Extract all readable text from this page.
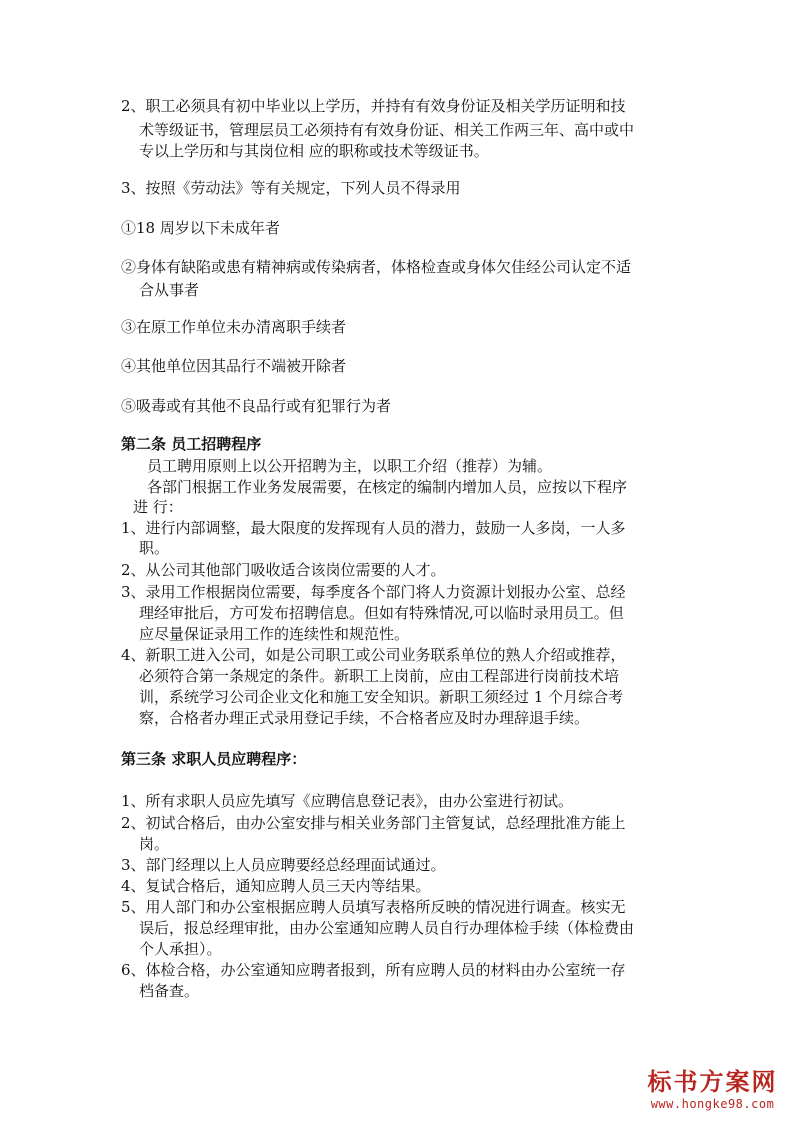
2、职工必须具有初中毕业以上学历，并持有有效身份证及相关学历证明和技
术等级证书，管理层员工必须持有有效身份证、相关工作两三年、高中或中
专以上学历和与其岗位相 应的职称或技术等级证书。
3、按照《劳动法》等有关规定，下列人员不得录用
①18 周岁以下未成年者
②身体有缺陷或患有精神病或传染病者，体格检查或身体欠佳经公司认定不适
合从事者
③在原工作单位未办清离职手续者
④其他单位因其品行不端被开除者
⑤吸毒或有其他不良品行或有犯罪行为者
第二条 员工招聘程序
员工聘用原则上以公开招聘为主，以职工介绍（推荐）为辅。
各部门根据工作业务发展需要，在核定的编制内增加人员，应按以下程序
进 行：
1、进行内部调整，最大限度的发挥现有人员的潜力，鼓励一人多岗，一人多
职。
2、从公司其他部门吸收适合该岗位需要的人才。
3、录用工作根据岗位需要，每季度各个部门将人力资源计划报办公室、总经
理经审批后，方可发布招聘信息。但如有特殊情况,可以临时录用员工。但
应尽量保证录用工作的连续性和规范性。
4、新职工进入公司，如是公司职工或公司业务联系单位的熟人介绍或推荐，
必须符合第一条规定的条件。新职工上岗前，应由工程部进行岗前技术培
训，系统学习公司企业文化和施工安全知识。新职工须经过 1 个月综合考
察，合格者办理正式录用登记手续，不合格者应及时办理辞退手续。
第三条 求职人员应聘程序：
1、所有求职人员应先填写《应聘信息登记表》，由办公室进行初试。
2、初试合格后，由办公室安排与相关业务部门主管复试，总经理批准方能上
岗。
3、部门经理以上人员应聘要经总经理面试通过。
4、复试合格后，通知应聘人员三天内等结果。
5、用人部门和办公室根据应聘人员填写表格所反映的情况进行调查。核实无
误后，报总经理审批，由办公室通知应聘人员自行办理体检手续（体检费由
个人承担）。
6、体检合格，办公室通知应聘者报到，所有应聘人员的材料由办公室统一存
档备查。
标书方案网
www.hongke98.com
